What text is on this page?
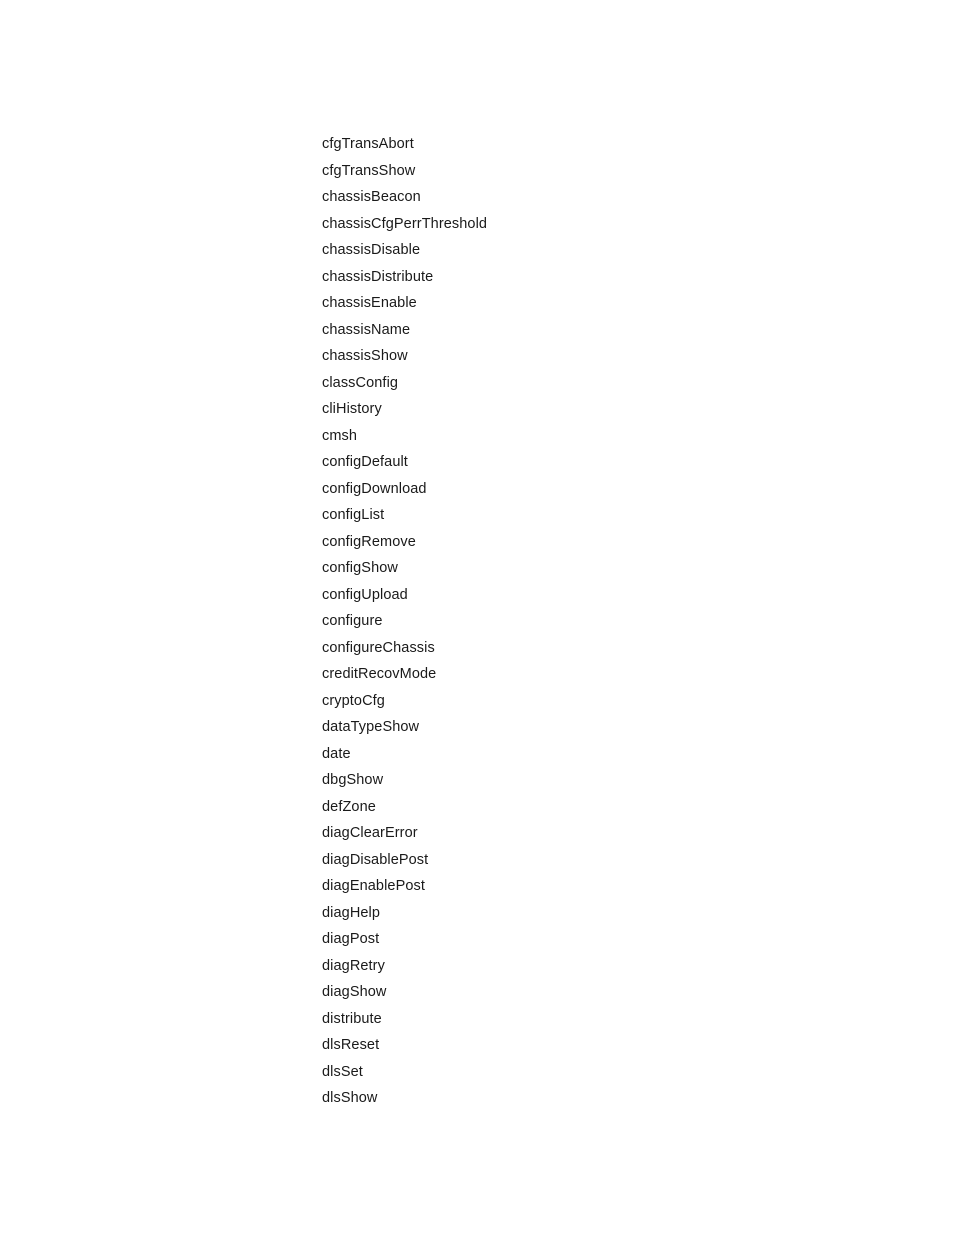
cfgTransAbort
cfgTransShow
chassisBeacon
chassisCfgPerrThreshold
chassisDisable
chassisDistribute
chassisEnable
chassisName
chassisShow
classConfig
cliHistory
cmsh
configDefault
configDownload
configList
configRemove
configShow
configUpload
configure
configureChassis
creditRecovMode
cryptoCfg
dataTypeShow
date
dbgShow
defZone
diagClearError
diagDisablePost
diagEnablePost
diagHelp
diagPost
diagRetry
diagShow
distribute
dlsReset
dlsSet
dlsShow
